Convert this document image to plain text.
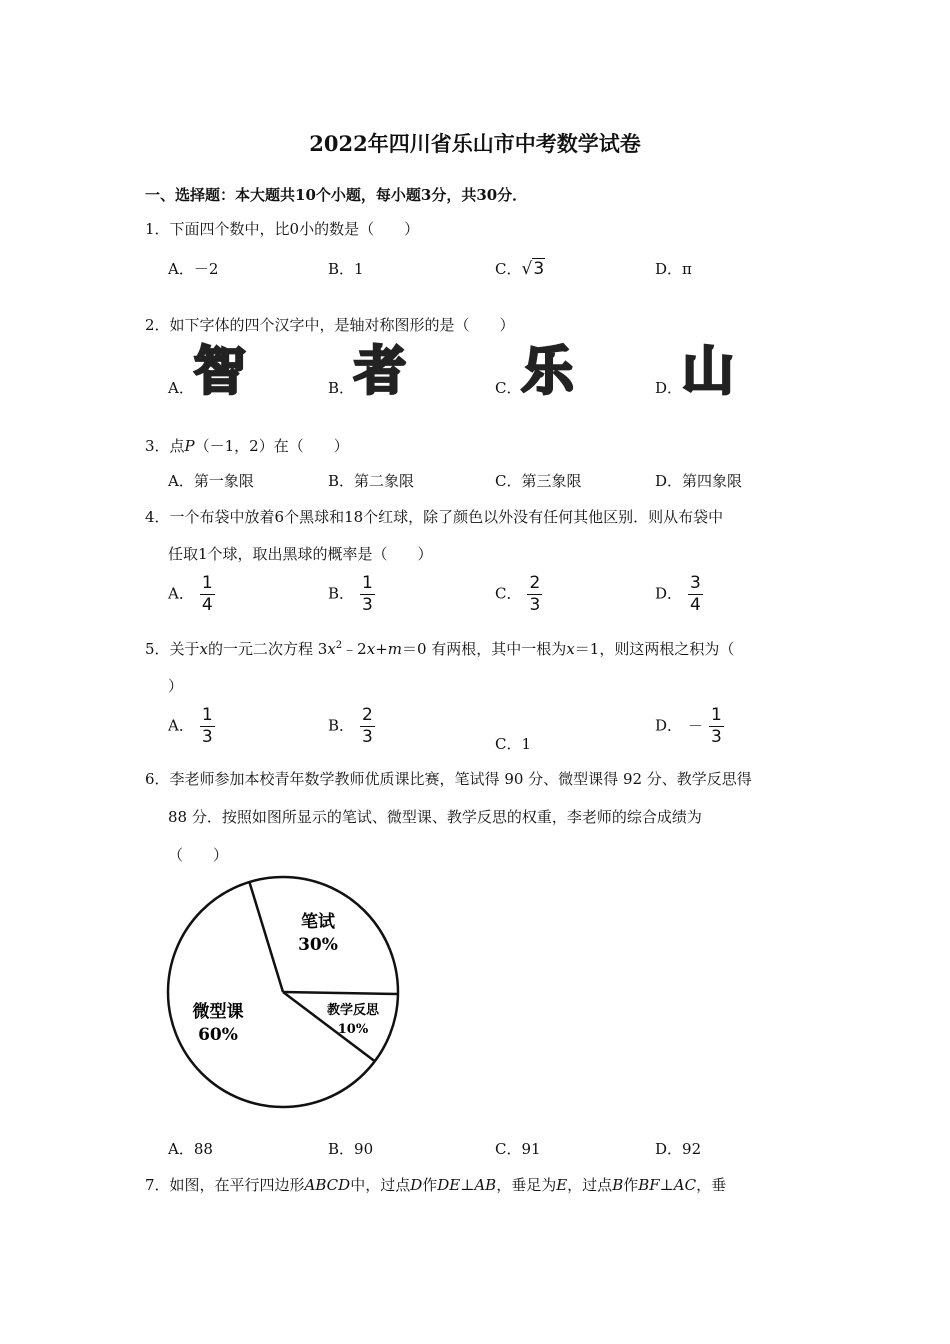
2022年四川省乐山市中考数学试卷
一、选择题：本大题共10个小题，每小题3分，共30分．
1．下面四个数中，比0小的数是（　　）
A．－2	B．1	C．√3	D．π
2．如下字体的四个汉字中，是轴对称图形的是（　　）
A．智	B．者	C．乐	D．山
3．点P（－1，2）在（　　）
A．第一象限	B．第二象限	C．第三象限	D．第四象限
4．一个布袋中放着6个黑球和18个红球，除了颜色以外没有任何其他区别．则从布袋中
任取1个球，取出黑球的概率是（　　）
A． $\frac{1}{4}$	B． $\frac{1}{3}$	C． $\frac{2}{3}$	D． $\frac{3}{4}$
5．关于x的一元二次方程 $3x^2﹣2x+m=0$ 有两根，其中一根为x＝1，则这两根之积为（
）
A． $\frac{1}{3}$	B． $\frac{2}{3}$	C．1
D． － $\frac{1}{3}$
6．李老师参加本校青年数学教师优质课比赛，笔试得 90 分、微型课得 92 分、教学反思得
88 分．按照如图所显示的笔试、微型课、教学反思的权重，李老师的综合成绩为
（　　）
笔试
30%
微型课
60%
教学反思
10%
A．88	B．90	C．91	D．92
7．如图，在平行四边形ABCD中，过点D作DE⊥AB，垂足为E，过点B作BF⊥AC，垂
